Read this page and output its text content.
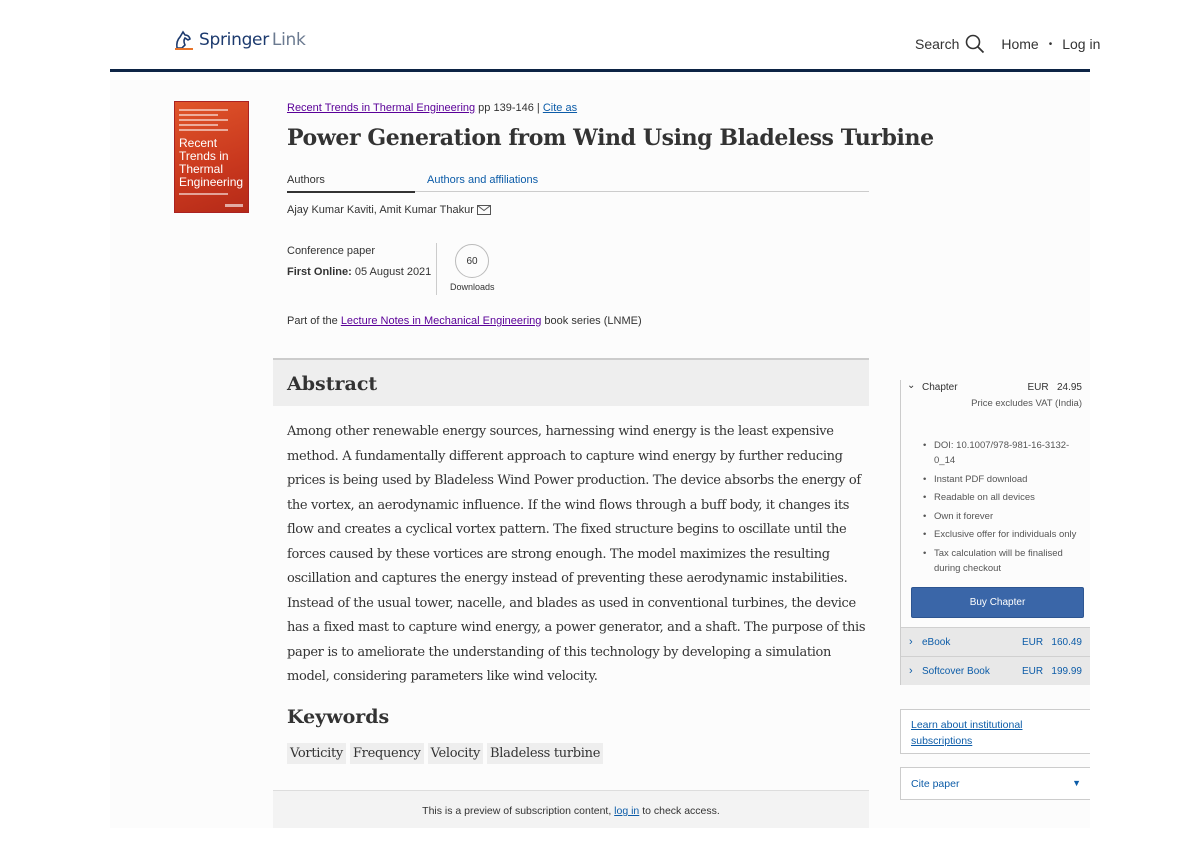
Springer Link	Search	Home • Log in
Recent Trends in Thermal Engineering
Recent Trends in Thermal Engineering pp 139-146 | Cite as
Power Generation from Wind Using Bladeless Turbine
Authors	Authors and affiliations
Ajay Kumar Kaviti, Amit Kumar Thakur
Conference paper
First Online: 05 August 2021
60
Downloads
Part of the Lecture Notes in Mechanical Engineering book series (LNME)
Abstract

Among other renewable energy sources, harnessing wind energy is the least expensive method. A fundamentally different approach to capture wind energy by further reducing prices is being used by Bladeless Wind Power production. The device absorbs the energy of the vortex, an aerodynamic influence. If the wind flows through a buff body, it changes its flow and creates a cyclical vortex pattern. The fixed structure begins to oscillate until the forces caused by these vortices are strong enough. The model maximizes the resulting oscillation and captures the energy instead of preventing these aerodynamic instabilities. Instead of the usual tower, nacelle, and blades as used in conventional turbines, the device has a fixed mast to capture wind energy, a power generator, and a shaft. The purpose of this paper is to ameliorate the understanding of this technology by developing a simulation model, considering parameters like wind velocity.

Keywords
Vorticity Frequency Velocity Bladeless turbine
This is a preview of subscription content, log in to check access.
⌄ Chapter	EUR   24.95
Price excludes VAT (India)
• DOI: 10.1007/978-981-16-3132-0_14
• Instant PDF download
• Readable on all devices
• Own it forever
• Exclusive offer for individuals only
• Tax calculation will be finalised during checkout
Buy Chapter
› eBook	EUR   160.49
› Softcover Book	EUR   199.99
Learn about institutional subscriptions
Cite paper	▼
